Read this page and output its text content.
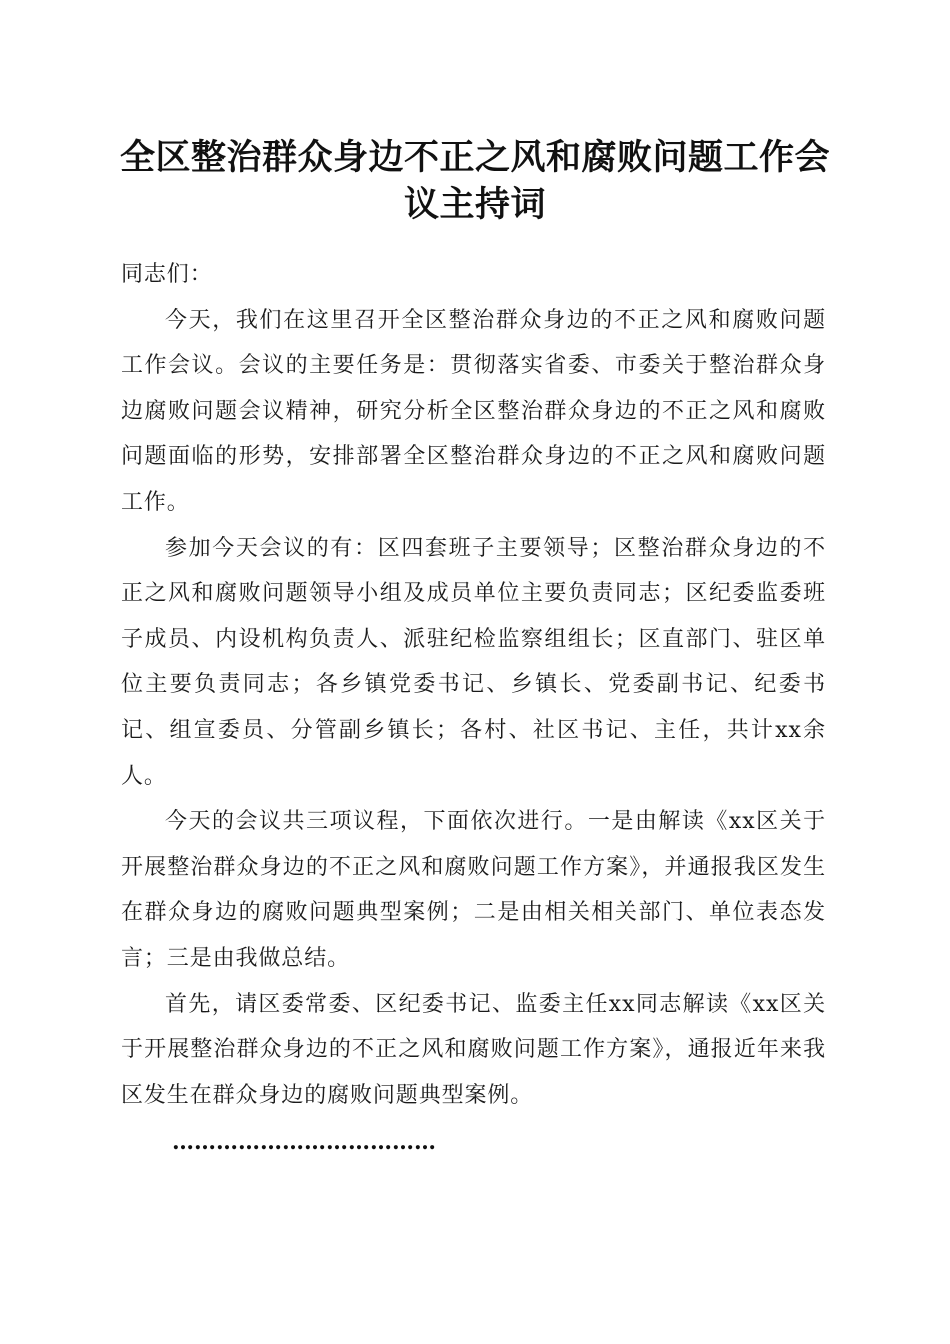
全区整治群众身边不正之风和腐败问题工作会
议主持词

同志们：

今天，我们在这里召开全区整治群众身边的不正之风和腐败问题工作会议。会议的主要任务是：贯彻落实省委、市委关于整治群众身边腐败问题会议精神，研究分析全区整治群众身边的不正之风和腐败问题面临的形势，安排部署全区整治群众身边的不正之风和腐败问题工作。

参加今天会议的有：区四套班子主要领导；区整治群众身边的不正之风和腐败问题领导小组及成员单位主要负责同志；区纪委监委班子成员、内设机构负责人、派驻纪检监察组组长；区直部门、驻区单位主要负责同志；各乡镇党委书记、乡镇长、党委副书记、纪委书记、组宣委员、分管副乡镇长；各村、社区书记、主任，共计xx余人。

今天的会议共三项议程，下面依次进行。一是由解读《xx区关于开展整治群众身边的不正之风和腐败问题工作方案》，并通报我区发生在群众身边的腐败问题典型案例；二是由相关相关部门、单位表态发言；三是由我做总结。

首先，请区委常委、区纪委书记、监委主任xx同志解读《xx区关于开展整治群众身边的不正之风和腐败问题工作方案》，通报近年来我区发生在群众身边的腐败问题典型案例。

………………………………
